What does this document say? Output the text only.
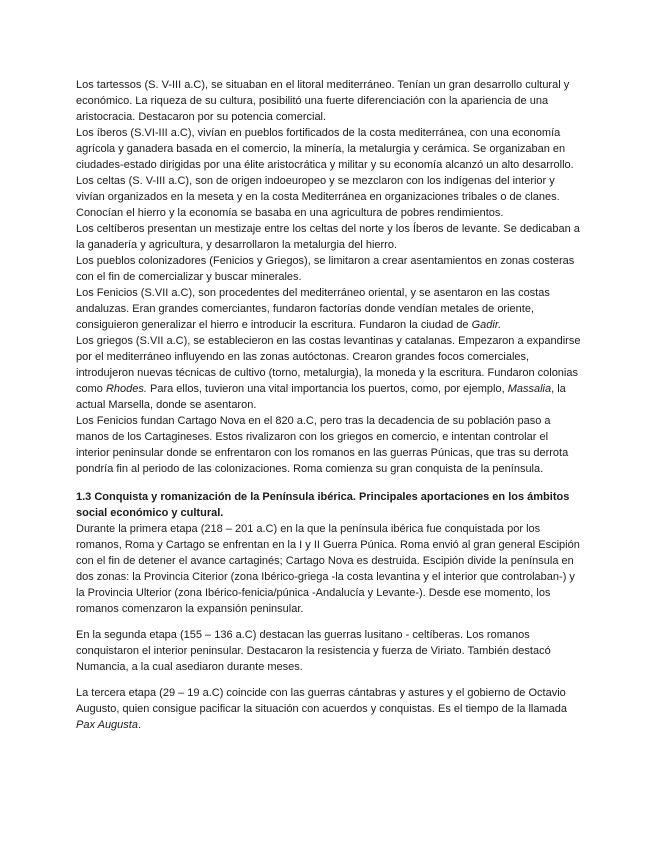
Los tartessos (S. V-III a.C), se situaban en el litoral mediterráneo. Tenían un gran desarrollo cultural y económico. La riqueza de su cultura, posibilitó una fuerte diferenciación con la apariencia de una aristocracia. Destacaron por su potencia comercial.

Los íberos (S.VI-III a.C), vivían en pueblos fortificados de la costa mediterránea, con una economía agrícola y ganadera basada en el comercio, la minería, la metalurgia y cerámica. Se organizaban en ciudades-estado dirigidas por una élite aristocrática y militar y su economía alcanzó un alto desarrollo.

Los celtas (S. V-III a.C), son de origen indoeuropeo y se mezclaron con los indígenas del interior y vivían organizados en la meseta y en la costa Mediterránea en organizaciones tribales o de clanes. Conocían el hierro y la economía se basaba en una agricultura de pobres rendimientos.

Los celtíberos presentan un mestizaje entre los celtas del norte y los Íberos de levante. Se dedicaban a la ganadería y agricultura, y desarrollaron la metalurgia del hierro.

Los pueblos colonizadores (Fenicios y Griegos), se limitaron a crear asentamientos en zonas costeras con el fin de comercializar y buscar minerales.

Los Fenicios (S.VII a.C), son procedentes del mediterráneo oriental, y se asentaron en las costas andaluzas. Eran grandes comerciantes, fundaron factorías donde vendían metales de oriente, consiguieron generalizar el hierro e introducir la escritura. Fundaron la ciudad de Gadir.

Los griegos (S.VII a.C), se establecieron en las costas levantinas y catalanas. Empezaron a expandirse por el mediterráneo influyendo en las zonas autóctonas. Crearon grandes focos comerciales, introdujeron nuevas técnicas de cultivo (torno, metalurgia), la moneda y la escritura. Fundaron colonias como Rhodes. Para ellos, tuvieron una vital importancia los puertos, como, por ejemplo, Massalia, la actual Marsella, donde se asentaron.

Los Fenicios fundan Cartago Nova en el 820 a.C, pero tras la decadencia de su población paso a manos de los Cartagineses. Estos rivalizaron con los griegos en comercio, e intentan controlar el interior peninsular donde se enfrentaron con los romanos en las guerras Púnicas, que tras su derrota pondría fin al periodo de las colonizaciones. Roma comienza su gran conquista de la península.

1.3 Conquista y romanización de la Península ibérica. Principales aportaciones en los ámbitos social económico y cultural.

Durante la primera etapa (218 – 201 a.C) en la que la península ibérica fue conquistada por los romanos, Roma y Cartago se enfrentan en la I y II Guerra Púnica. Roma envió al gran general Escipión con el fin de detener el avance cartaginés; Cartago Nova es destruida. Escipión divide la península en dos zonas: la Provincia Citerior (zona Ibérico-griega -la costa levantina y el interior que controlaban-) y la Provincia Ulterior (zona Ibérico-fenicia/púnica -Andalucía y Levante-). Desde ese momento, los romanos comenzaron la expansión peninsular.

En la segunda etapa (155 – 136 a.C) destacan las guerras lusitano - celtíberas. Los romanos conquistaron el interior peninsular. Destacaron la resistencia y fuerza de Viriato. También destacó Numancia, a la cual asediaron durante meses.

La tercera etapa (29 – 19 a.C) coincide con las guerras cántabras y astures y el gobierno de Octavio Augusto, quien consigue pacificar la situación con acuerdos y conquistas. Es el tiempo de la llamada Pax Augusta.
